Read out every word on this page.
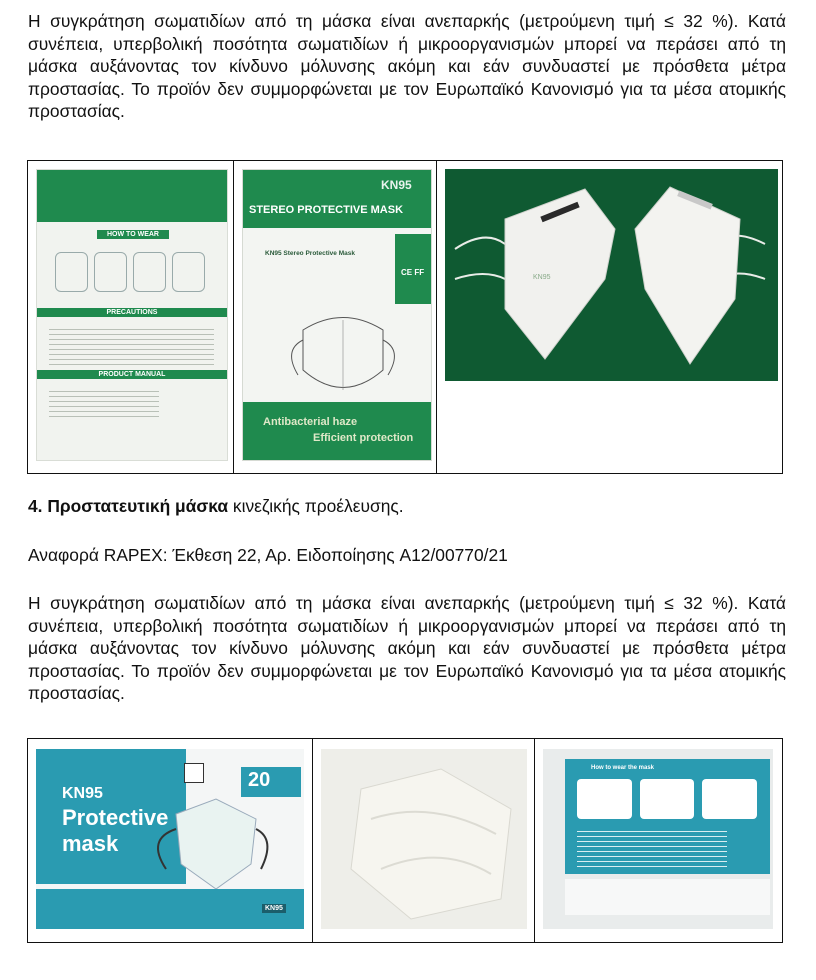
Η συγκράτηση σωματιδίων από τη μάσκα είναι ανεπαρκής (μετρούμενη τιμή ≤ 32 %). Κατά συνέπεια, υπερβολική ποσότητα σωματιδίων ή μικροοργανισμών μπορεί να περάσει από τη μάσκα αυξάνοντας τον κίνδυνο μόλυνσης ακόμη και εάν συνδυαστεί με πρόσθετα μέτρα προστασίας. Το προϊόν δεν συμμορφώνεται με τον Ευρωπαϊκό Κανονισμό για τα μέσα ατομικής προστασίας.

HOW TO WEAR
PRECAUTIONS
PRODUCT MANUAL
KN95
STEREO PROTECTIVE MASK
KN95 Stereo Protective Mask
CE FF
Antibacterial haze
Efficient protection
KN95

4. Προστατευτική μάσκα κινεζικής προέλευσης.

Αναφορά RAPEX: Έκθεση 22, Αρ. Ειδοποίησης A12/00770/21

Η συγκράτηση σωματιδίων από τη μάσκα είναι ανεπαρκής (μετρούμενη τιμή ≤ 32 %). Κατά συνέπεια, υπερβολική ποσότητα σωματιδίων ή μικροοργανισμών μπορεί να περάσει από τη μάσκα αυξάνοντας τον κίνδυνο μόλυνσης ακόμη και εάν συνδυαστεί με πρόσθετα μέτρα προστασίας. Το προϊόν δεν συμμορφώνεται με τον Ευρωπαϊκό Κανονισμό για τα μέσα ατομικής προστασίας.

KN95
Protective
mask
20
KN95
How to wear the mask
